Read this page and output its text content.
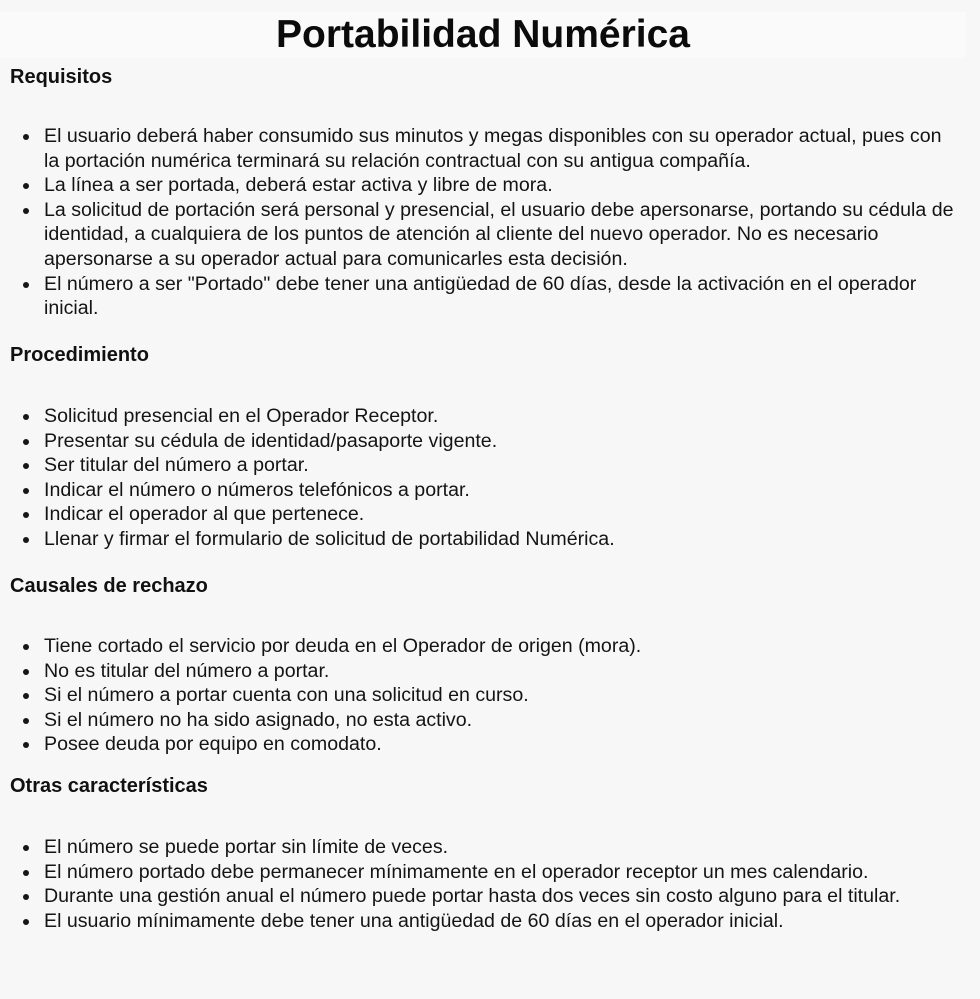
Portabilidad Numérica
Requisitos
El usuario deberá haber consumido sus minutos y megas disponibles con su operador actual, pues con la portación numérica terminará su relación contractual con su antigua compañía.
La línea a ser portada, deberá estar activa y libre de mora.
La solicitud de portación será personal y presencial, el usuario debe apersonarse, portando su cédula de identidad, a cualquiera de los puntos de atención al cliente del nuevo operador. No es necesario apersonarse a su operador actual para comunicarles esta decisión.
El número a ser "Portado" debe tener una antigüedad de 60 días, desde la activación en el operador inicial.
Procedimiento
Solicitud presencial en el Operador Receptor.
Presentar su cédula de identidad/pasaporte vigente.
Ser titular del número a portar.
Indicar el número o números telefónicos a portar.
Indicar el operador al que pertenece.
Llenar y firmar el formulario de solicitud de portabilidad Numérica.
Causales de rechazo
Tiene cortado el servicio por deuda en el Operador de origen (mora).
No es titular del número a portar.
Si el número a portar cuenta con una solicitud en curso.
Si el número no ha sido asignado, no esta activo.
Posee deuda por equipo en comodato.
Otras características
El número se puede portar sin límite de veces.
El número portado debe permanecer mínimamente en el operador receptor un mes calendario.
Durante una gestión anual el número puede portar hasta dos veces sin costo alguno para el titular.
El usuario mínimamente debe tener una antigüedad de 60 días en el operador inicial.
